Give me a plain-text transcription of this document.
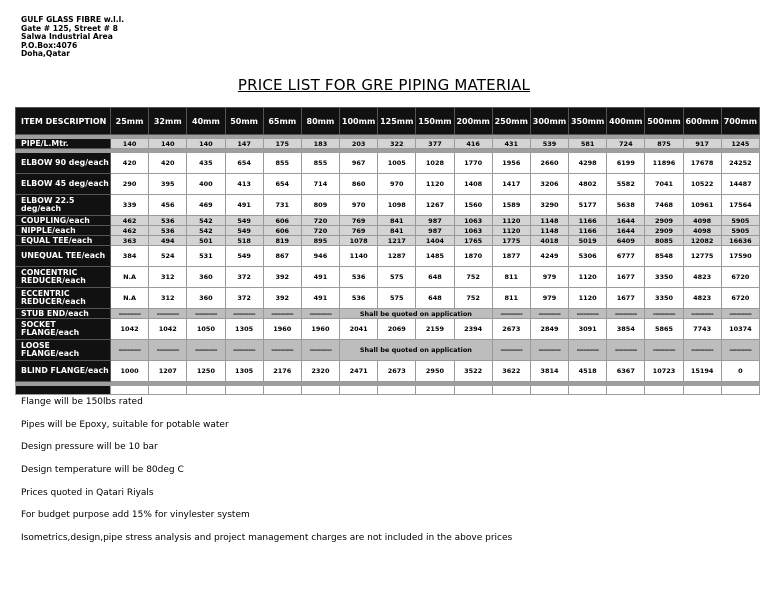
GULF GLASS FIBRE w.l.l.
Gate # 125, Street # 8
Salwa Industrial Area
P.O.Box:4076
Doha,Qatar
PRICE LIST FOR GRE PIPING MATERIAL
ITEM DESCRIPTION	25mm	32mm	40mm	50mm	65mm	80mm	100mm	125mm	150mm	200mm	250mm	300mm	350mm	400mm	500mm	600mm	700mm

PIPE/L.Mtr.	140	140	140	147	175	183	203	322	377	416	431	539	581	724	875	917	1245

ELBOW 90 deg/each	420	420	435	654	855	855	967	1005	1028	1770	1956	2660	4298	6199	11896	17678	24252
ELBOW 45 deg/each	290	395	400	413	654	714	860	970	1120	1408	1417	3206	4802	5582	7041	10522	14487
ELBOW 22.5 deg/each	339	456	469	491	731	809	970	1098	1267	1560	1589	3290	5177	5638	7468	10961	17564
COUPLING/each	462	536	542	549	606	720	769	841	987	1063	1120	1148	1166	1644	2909	4098	5905
NIPPLE/each	462	536	542	549	606	720	769	841	987	1063	1120	1148	1166	1644	2909	4098	5905
EQUAL TEE/each	363	494	501	518	819	895	1078	1217	1404	1765	1775	4018	5019	6409	8085	12082	16636
UNEQUAL TEE/each	384	524	531	549	867	946	1140	1287	1485	1870	1877	4249	5306	6777	8548	12775	17590
CONCENTRIC REDUCER/each	N.A	312	360	372	392	491	536	575	648	752	811	979	1120	1677	3350	4823	6720
ECCENTRIC REDUCER/each	N.A	312	360	372	392	491	536	575	648	752	811	979	1120	1677	3350	4823	6720
STUB END/each	----------	----------	----------	----------	----------	----------	Shall be quoted on application				----------	----------	----------	----------	----------	----------	----------
SOCKET FLANGE/each	1042	1042	1050	1305	1960	1960	2041	2069	2159	2394	2673	2849	3091	3854	5865	7743	10374
LOOSE FLANGE/each	----------	----------	----------	----------	----------	----------	Shall be quoted on application				----------	----------	----------	----------	----------	----------	----------
BLIND FLANGE/each	1000	1207	1250	1305	2176	2320	2471	2673	2950	3522	3622	3814	4518	6367	10723	15194	0

Flange will be 150lbs rated

Pipes will be Epoxy, suitable for potable water

Design pressure will be 10 bar

Design temperature will be 80deg C

Prices quoted in Qatari Riyals

For budget purpose add 15% for vinylester system

Isometrics,design,pipe stress analysis and project management charges are not included in the above prices
